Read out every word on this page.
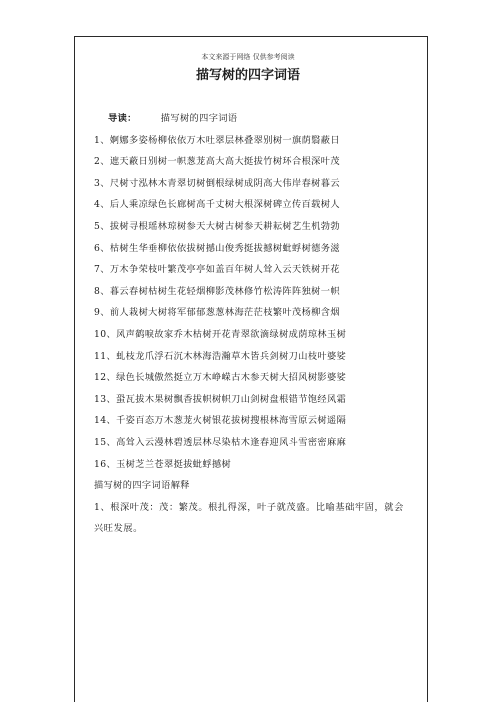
本文来源于网络 仅供参考阅读
描写树的四字词语
导读：	描写树的四字词语
1、婀娜多姿杨柳依依万木吐翠层林叠翠别树一旗荫翳蔽日
2、遮天蔽日别树一帜葱茏高大高大挺拔竹树环合根深叶茂
3、尺树寸泓林木青翠切树倒根绿树成阴高大伟岸春树暮云
4、后人乘凉绿色长廊树高千丈树大根深树碑立传百载树人
5、拔树寻根瑶林琼树参天大树古树参天耕耘树艺生机勃勃
6、枯树生华垂柳依依拔树撼山俊秀挺拔撼树蚍蜉树德务滋
7、万木争荣枝叶繁茂亭亭如盖百年树人耸入云天铁树开花
8、暮云春树枯树生花轻烟柳影茂林修竹松涛阵阵独树一帜
9、前人栽树大树将军郁郁葱葱林海茫茫枝繁叶茂杨柳含烟
10、风声鹤唳故家乔木枯树开花青翠欲滴绿树成荫琼林玉树
11、虬枝龙爪浮石沉木林海浩瀚草木皆兵剑树刀山枝叶婆娑
12、绿色长城傲然挺立万木峥嵘古木参天树大招风树影婆娑
13、蛩瓦拔木果树飘香拔帜树帜刀山剑树盘根错节饱经风霜
14、千姿百态万木葱茏火树银花拔树搜根林海雪原云树遥隔
15、高耸入云漫林碧透层林尽染枯木逢春迎风斗雪密密麻麻
16、玉树芝兰苍翠挺拔蚍蜉撼树
描写树的四字词语解释
1、根深叶茂：茂：繁茂。根扎得深，叶子就茂盛。比喻基础牢固，就会兴旺发展。
